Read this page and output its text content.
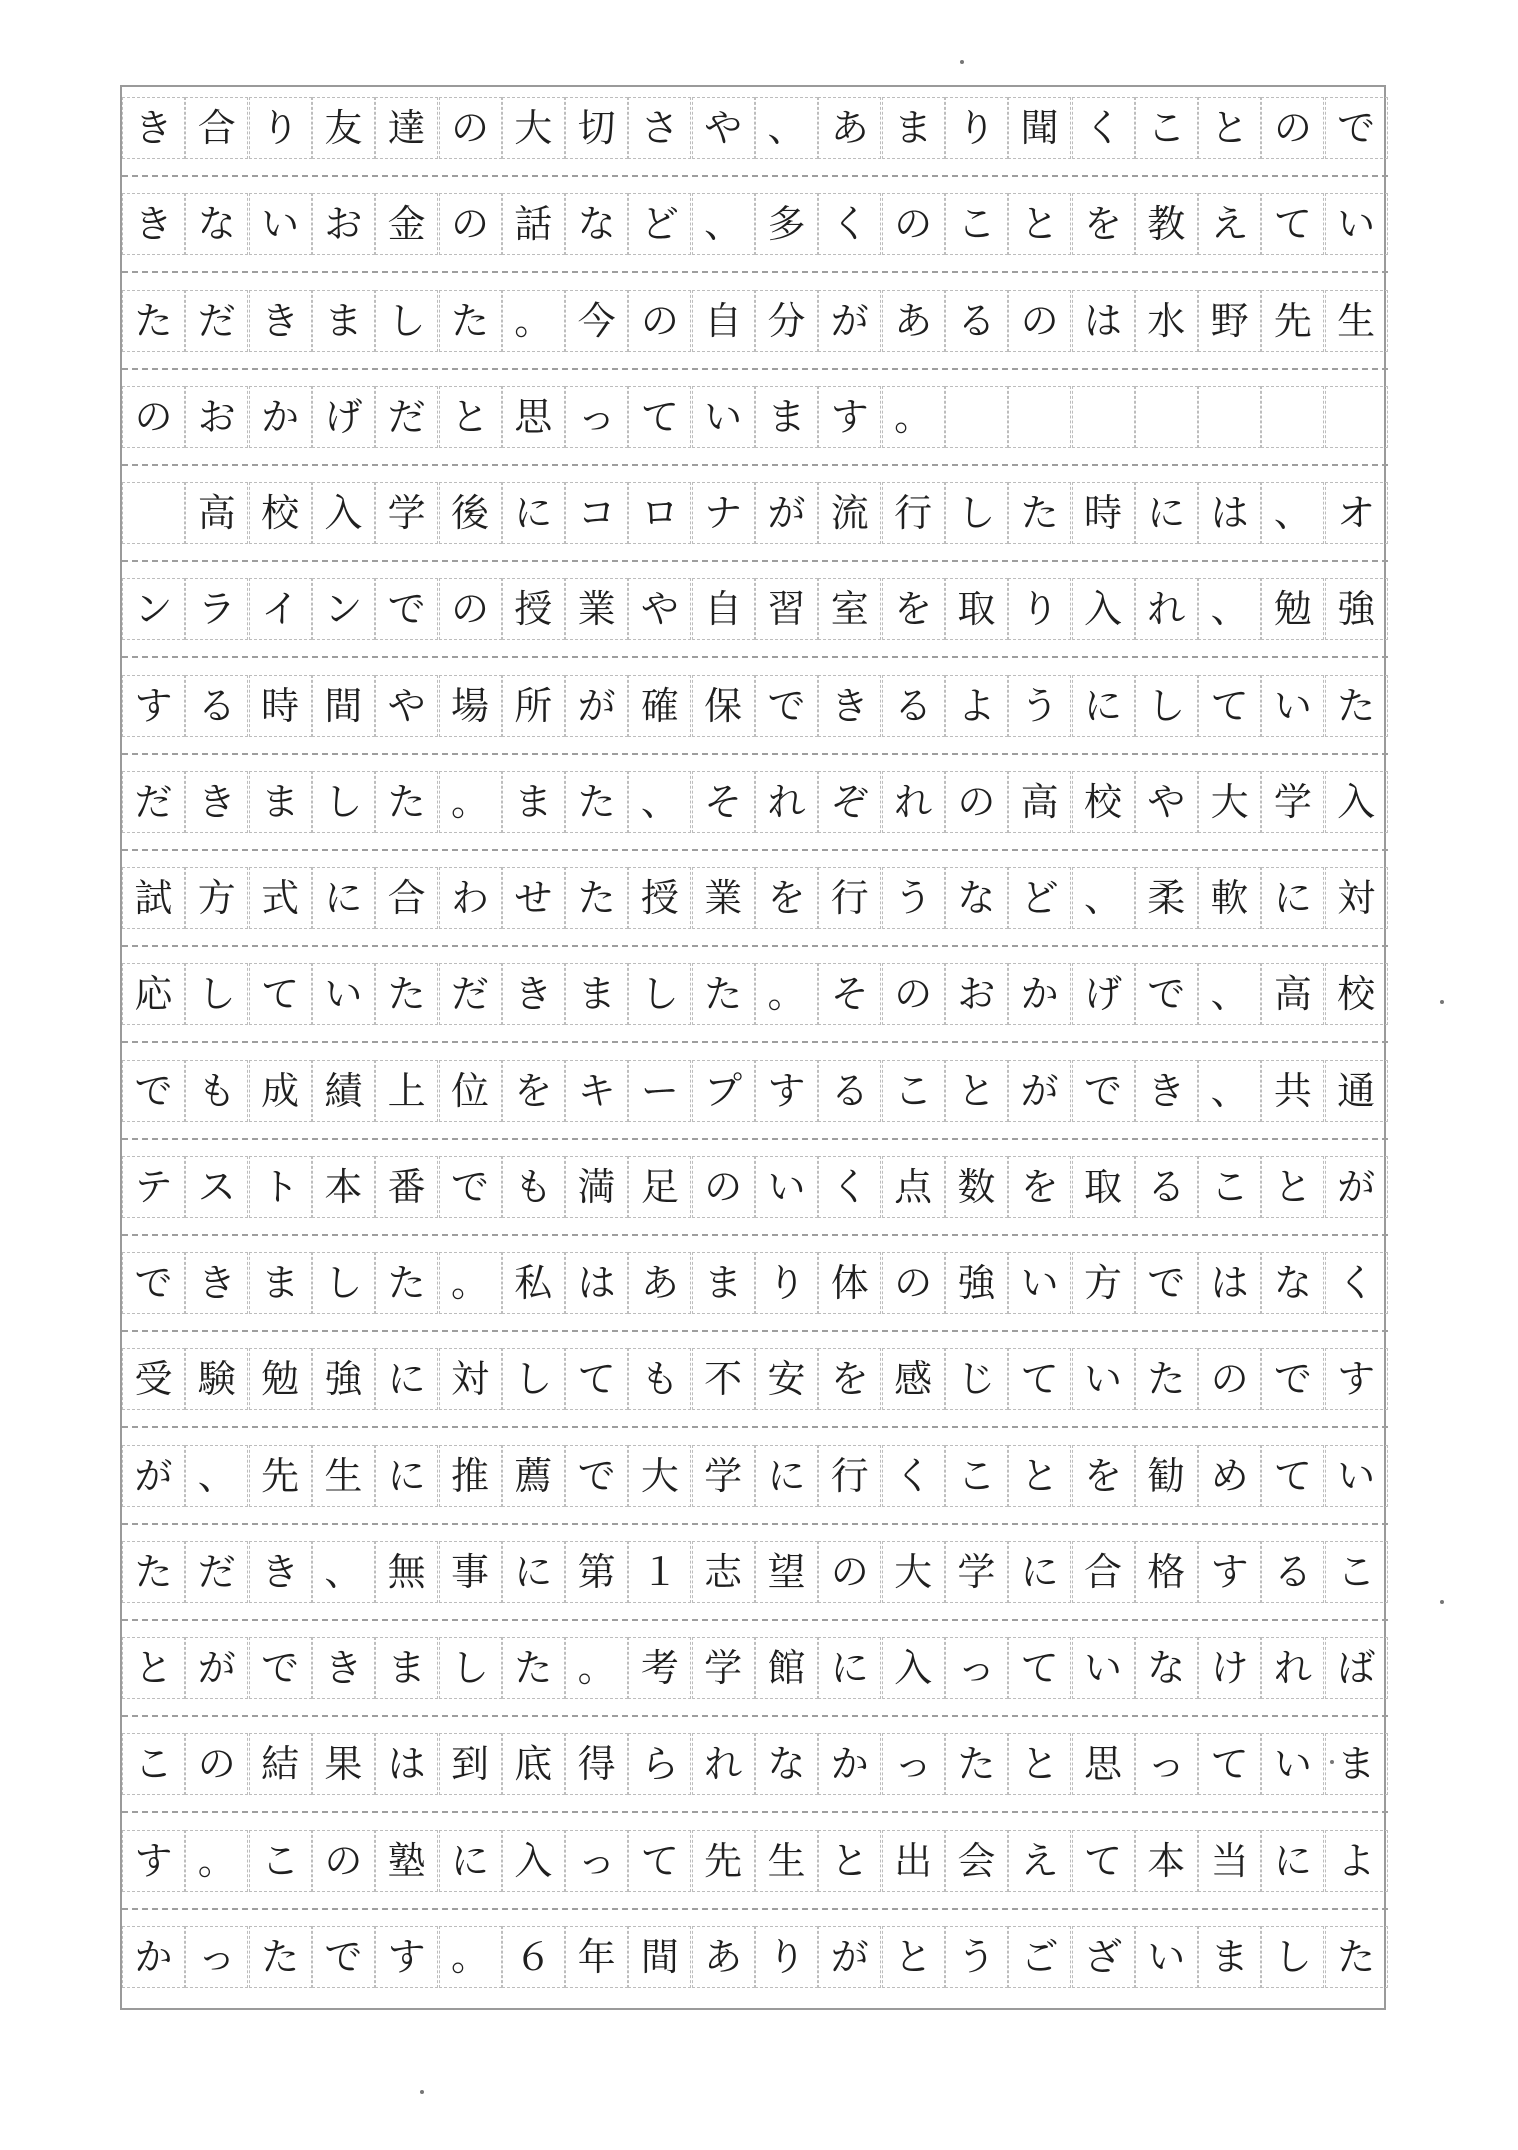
き 合 り 友 達 の 大 切 さ や 、 あ ま り 聞 く こ と の で
き な い お 金 の 話 な ど 、 多 く の こ と を 教 え て い
た だ き ま し た 。 今 の 自 分 が あ る の は 水 野 先 生
の お か げ だ と 思 っ て い ま す 。

高 校 入 学 後 に コ ロ ナ が 流 行 し た 時 に は 、 オ
ン ラ イ ン で の 授 業 や 自 習 室 を 取 り 入 れ 、 勉 強
す る 時 間 や 場 所 が 確 保 で き る よ う に し て い た
だ き ま し た 。 ま た 、 そ れ ぞ れ の 高 校 や 大 学 入
試 方 式 に 合 わ せ た 授 業 を 行 う な ど 、 柔 軟 に 対
応 し て い た だ き ま し た 。 そ の お か げ で 、 高 校
で も 成 績 上 位 を キ ー プ す る こ と が で き 、 共 通
テ ス ト 本 番 で も 満 足 の い く 点 数 を 取 る こ と が
で き ま し た 。 私 は あ ま り 体 の 強 い 方 で は な く
受 験 勉 強 に 対 し て も 不 安 を 感 じ て い た の で す
が 、 先 生 に 推 薦 で 大 学 に 行 く こ と を 勧 め て い
た だ き 、 無 事 に 第 １ 志 望 の 大 学 に 合 格 す る こ
と が で き ま し た 。 考 学 館 に 入 っ て い な け れ ば
こ の 結 果 は 到 底 得 ら れ な か っ た と 思 っ て い ま
す 。 こ の 塾 に 入 っ て 先 生 と 出 会 え て 本 当 に よ
か っ た で す 。 ６ 年 間 あ り が と う ご ざ い ま し た
